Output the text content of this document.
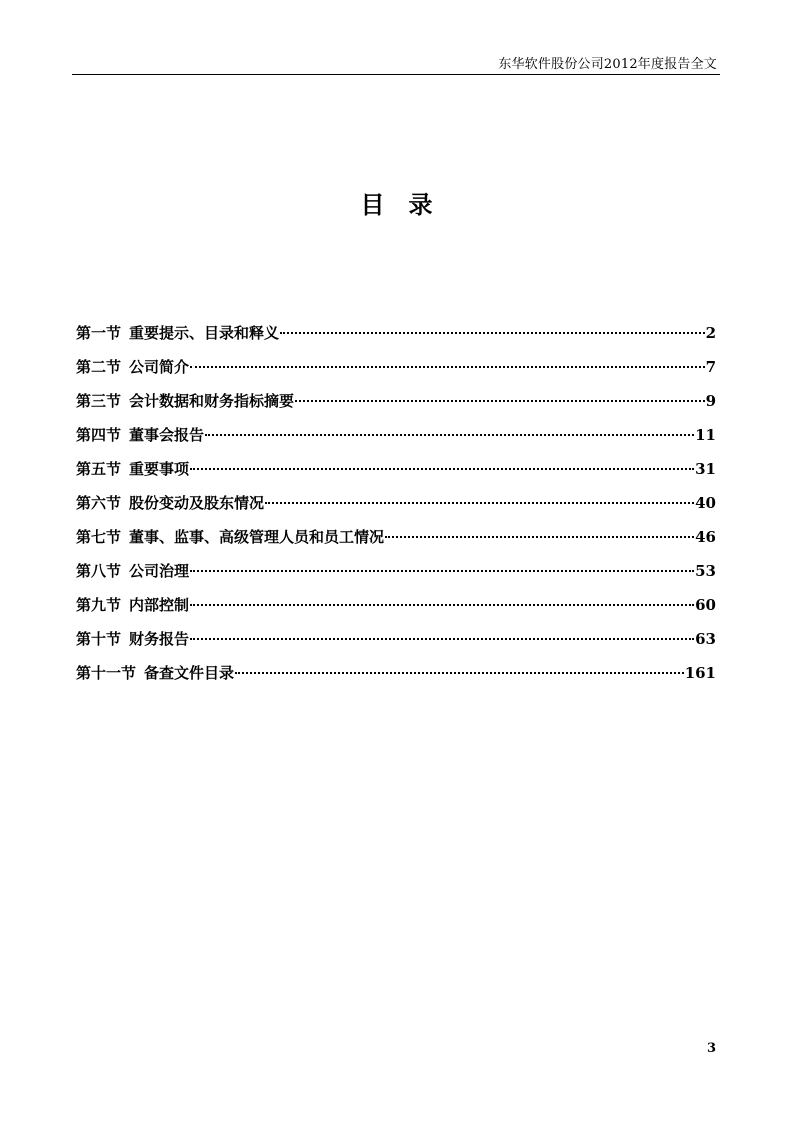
东华软件股份公司2012年度报告全文
目　录
第一节 重要提示、目录和释义	2
第二节 公司简介	7
第三节 会计数据和财务指标摘要	9
第四节 董事会报告	11
第五节 重要事项	31
第六节 股份变动及股东情况	40
第七节 董事、监事、高级管理人员和员工情况	46
第八节 公司治理	53
第九节 内部控制	60
第十节 财务报告	63
第十一节 备查文件目录	161
3
